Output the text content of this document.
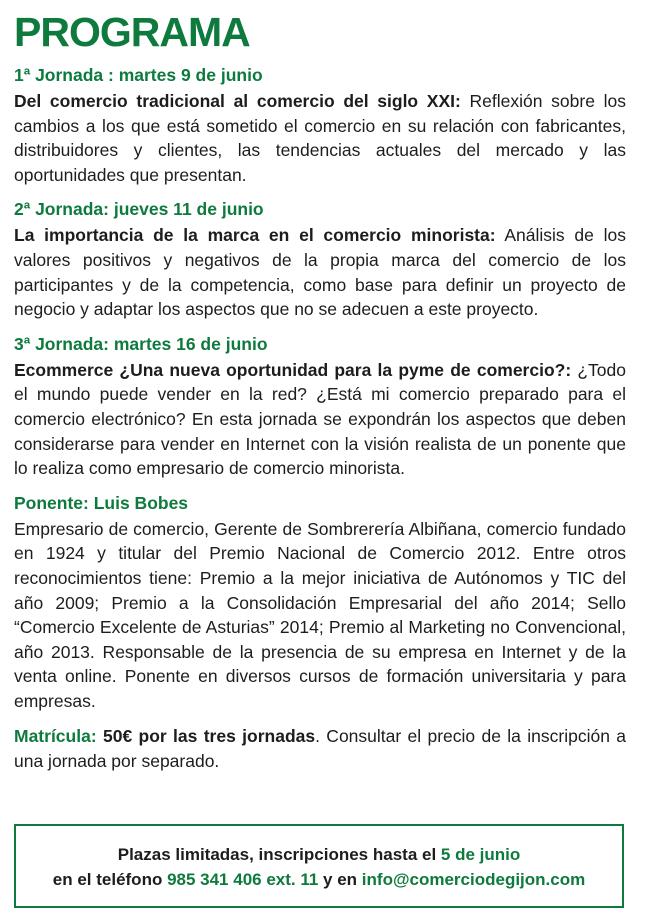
PROGRAMA
1ª Jornada : martes 9 de junio

Del comercio tradicional al comercio del siglo XXI: Reflexión sobre los cambios a los que está sometido el comercio en su relación con fabricantes, distribuidores y clientes, las tendencias actuales del mercado y las oportunidades que presentan.

2ª Jornada: jueves 11 de junio

La importancia de la marca en el comercio minorista: Análisis de los valores positivos y negativos de la propia marca del comercio de los participantes y de la competencia, como base para definir un proyecto de negocio y adaptar los aspectos que no se adecuen a este proyecto.

3ª Jornada: martes 16 de junio

Ecommerce ¿Una nueva oportunidad para la pyme de comercio?: ¿Todo el mundo puede vender en la red? ¿Está mi comercio preparado para el comercio electrónico? En esta jornada se expondrán los aspectos que deben considerarse para vender en Internet con la visión realista de un ponente que lo realiza como empresario de comercio minorista.

Ponente: Luis Bobes

Empresario de comercio, Gerente de Sombrerería Albiñana, comercio fundado en 1924 y titular del Premio Nacional de Comercio 2012. Entre otros reconocimientos tiene: Premio a la mejor iniciativa de Autónomos y TIC del año 2009; Premio a la Consolidación Empresarial del año 2014; Sello “Comercio Excelente de Asturias” 2014; Premio al Marketing no Convencional, año 2013. Responsable de la presencia de su empresa en Internet y de la venta online. Ponente en diversos cursos de formación universitaria y para empresas.

Matrícula: 50€ por las tres jornadas. Consultar el precio de la inscripción a una jornada por separado.

Plazas limitadas, inscripciones hasta el 5 de junio
en el teléfono 985 341 406 ext. 11 y en info@comerciodegijon.com
